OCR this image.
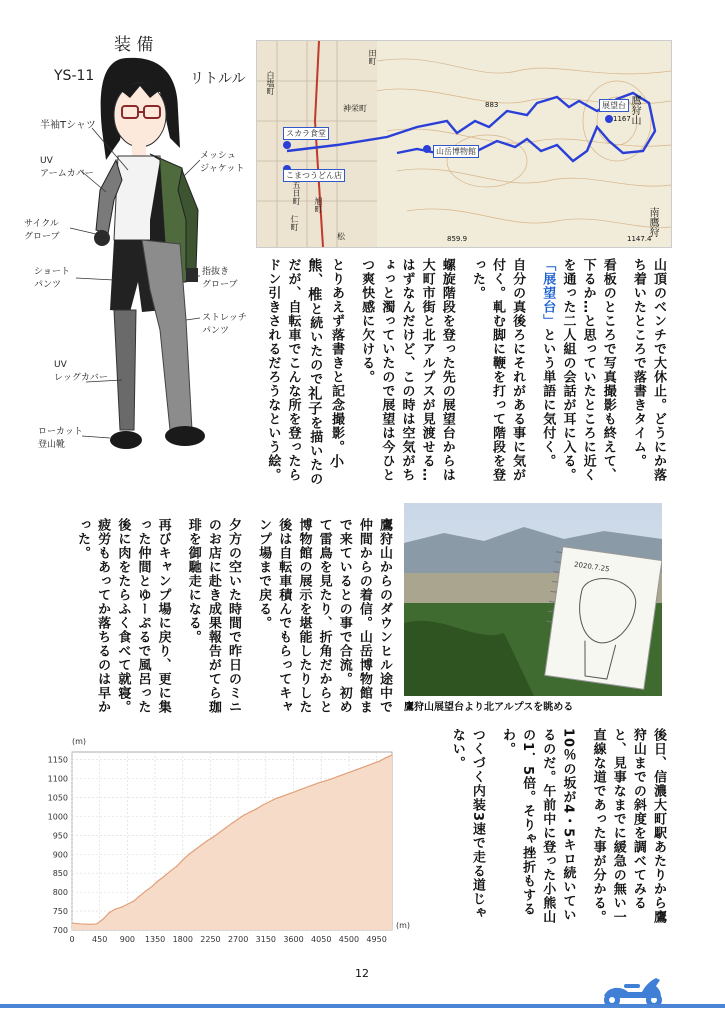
装 備
YS-11	リトルル
半袖Tシャツ
UV
アームカバー
メッシュ
ジャケット
サイクル
グローブ
ショート
パンツ
指抜き
グローブ
ストレッチ
パンツ
UV
レッグカバー
ローカット
登山靴
スカラ食堂
こまつうどん店
山岳博物館
展望台 鷹狩山
南鷹狩
883
1167
1147.4
859.9
五日町
仁町
旭町
神栄町
白塩町
田町
松

山頂のベンチで大休止。どうにか落ち着いたところで落書きタイム。

看板のところで写真撮影も終えて、下るか…と思っていたところに近くを通った二人組の会話が耳に入る。「展望台」という単語に気付く。

自分の真後ろにそれがある事に気が付く。軋む脚に鞭を打って階段を登った。

螺旋階段を登った先の展望台からは大町市街と北アルプスが見渡せる…はずなんだけど、この時は空気がちょっと濁っていたので展望は今ひとつ爽快感に欠ける。

とりあえず落書きと記念撮影。小熊、椎と続いたので礼子を描いたのだが、自転車でこんな所を登ったらドン引きされるだろうなという絵。

2020.7.25
鷹狩山展望台より北アルプスを眺める

鷹狩山からのダウンヒル途中で仲間からの着信。山岳博物館まで来ているとの事で合流。初めて雷鳥を見たり、折角だからと博物館の展示を堪能したりした後は自転車積んでもらってキャンプ場まで戻る。

夕方の空いた時間で昨日のミニのお店に赴き成果報告がてら珈琲を御馳走になる。

再びキャンプ場に戻り、更に集った仲間とゆーぷるで風呂った後に肉をたらふく食べて就寝。疲労もあってか落ちるのは早かった。

700
750
800
850
900
950
1000
1050
1100
1150
0 450 900 1350 1800 2250 2700 3150 3600 4050 4500 4950
(m)
(m)

後日、信濃大町駅あたりから鷹狩山までの斜度を調べてみると、見事なまでに緩急の無い一直線な道であった事が分かる。

10％の坂が4・5キロ続いているのだ。午前中に登った小熊山の1．5倍。そりゃ挫折もするわ。

つくづく内装3速で走る道じゃない。

12
